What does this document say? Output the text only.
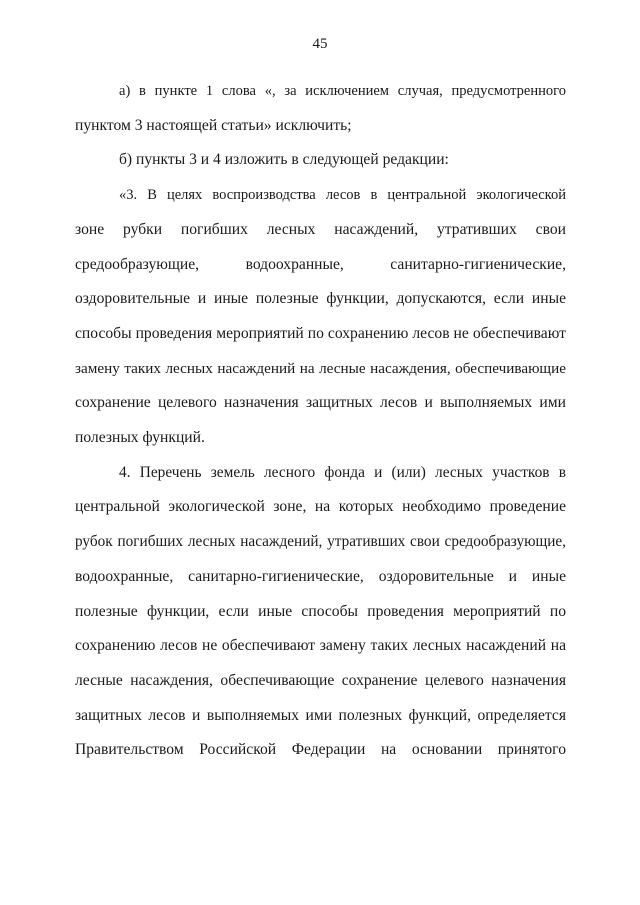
45

а) в пункте 1 слова «, за исключением случая, предусмотренного
пунктом 3 настоящей статьи» исключить;

б) пункты 3 и 4 изложить в следующей редакции:

«3. В целях воспроизводства лесов в центральной экологической
зоне рубки погибших лесных насаждений, утративших свои
средообразующие, водоохранные, санитарно-гигиенические,
оздоровительные и иные полезные функции, допускаются, если иные
способы проведения мероприятий по сохранению лесов не обеспечивают
замену таких лесных насаждений на лесные насаждения, обеспечивающие
сохранение целевого назначения защитных лесов и выполняемых ими
полезных функций.

4. Перечень земель лесного фонда и (или) лесных участков в
центральной экологической зоне, на которых необходимо проведение
рубок погибших лесных насаждений, утративших свои средообразующие,
водоохранные, санитарно-гигиенические, оздоровительные и иные
полезные функции, если иные способы проведения мероприятий по
сохранению лесов не обеспечивают замену таких лесных насаждений на
лесные насаждения, обеспечивающие сохранение целевого назначения
защитных лесов и выполняемых ими полезных функций, определяется
Правительством Российской Федерации на основании принятого
